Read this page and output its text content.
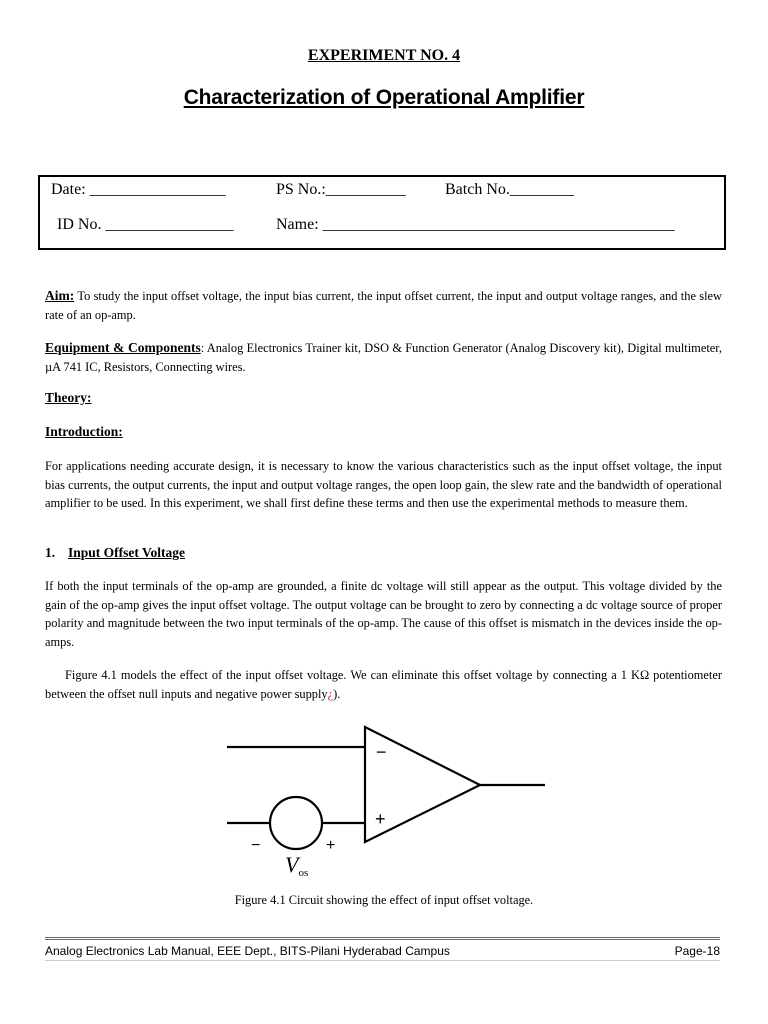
EXPERIMENT NO. 4
Characterization of Operational Amplifier
Date: _________________	PS No.:__________ Batch No.________
ID No. ________________	Name: ____________________________________________
Aim: To study the input offset voltage, the input bias current, the input offset current, the input and output voltage ranges, and the slew rate of an op-amp.
Equipment & Components: Analog Electronics Trainer kit, DSO & Function Generator (Analog Discovery kit), Digital multimeter, µA 741 IC, Resistors, Connecting wires.
Theory:
Introduction:
For applications needing accurate design, it is necessary to know the various characteristics such as the input offset voltage, the input bias currents, the output currents, the input and output voltage ranges, the open loop gain, the slew rate and the bandwidth of operational amplifier to be used. In this experiment, we shall first define these terms and then use the experimental methods to measure them.
1. Input Offset Voltage
If both the input terminals of the op-amp are grounded, a finite dc voltage will still appear as the output. This voltage divided by the gain of the op-amp gives the input offset voltage. The output voltage can be brought to zero by connecting a dc voltage source of proper polarity and magnitude between the two input terminals of the op-amp. The cause of this offset is mismatch in the devices inside the op-amps.
Figure 4.1 models the effect of the input offset voltage. We can eliminate this offset voltage by connecting a 1 KΩ potentiometer between the offset null inputs and negative power supply¿).
−
+
−	+
Vos
Figure 4.1 Circuit showing the effect of input offset voltage.
Analog Electronics Lab Manual, EEE Dept., BITS-Pilani Hyderabad Campus	Page-18
